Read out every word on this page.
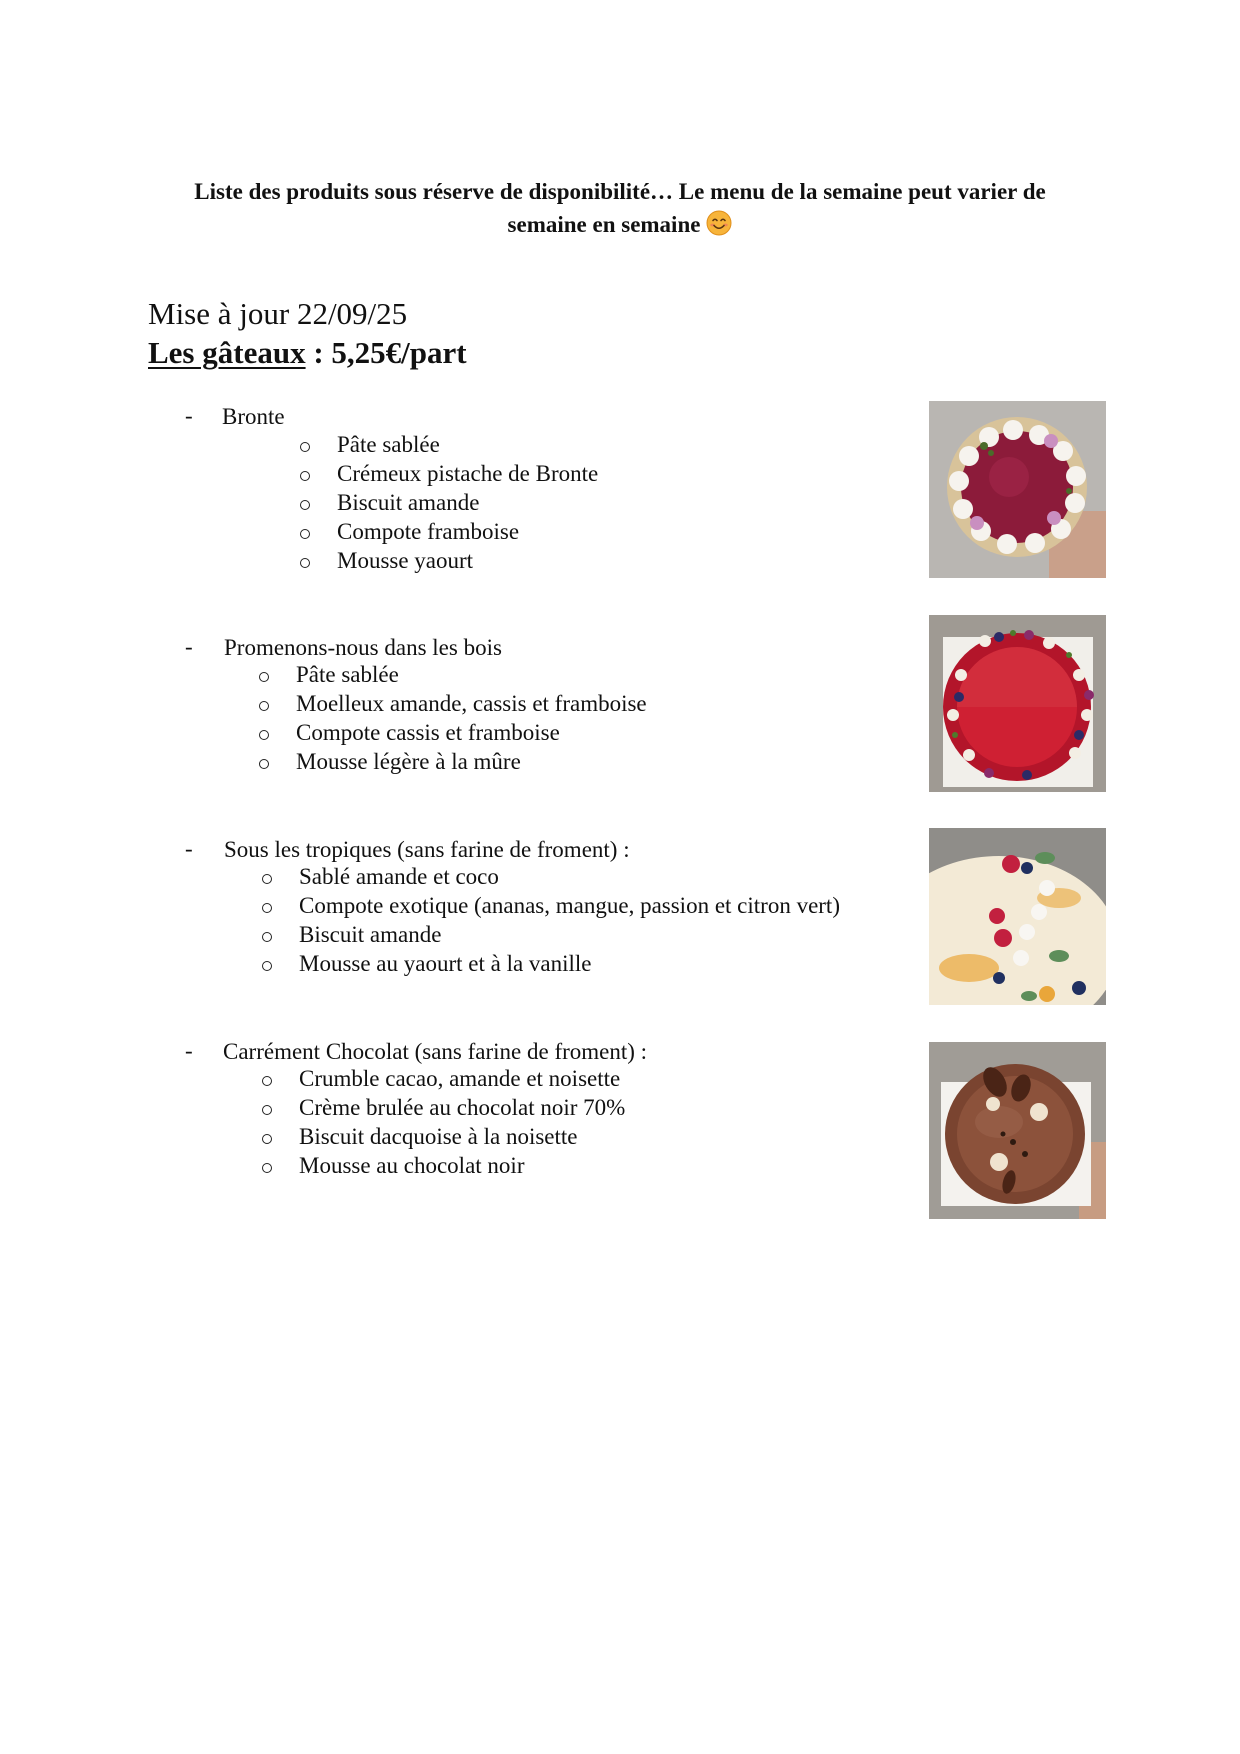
Liste des produits sous réserve de disponibilité… Le menu de la semaine peut varier de
semaine en semaine
Mise à jour 22/09/25
Les gâteaux : 5,25€/part
- Bronte
Pâte sablée
Crémeux pistache de Bronte
Biscuit amande
Compote framboise
Mousse yaourt
- Promenons-nous dans les bois
Pâte sablée
Moelleux amande, cassis et framboise
Compote cassis et framboise
Mousse légère à la mûre
- Sous les tropiques (sans farine de froment) :
Sablé amande et coco
Compote exotique (ananas, mangue, passion et citron vert)
Biscuit amande
Mousse au yaourt et à la vanille
- Carrément Chocolat (sans farine de froment) :
Crumble cacao, amande et noisette
Crème brulée au chocolat noir 70%
Biscuit dacquoise à la noisette
Mousse au chocolat noir
